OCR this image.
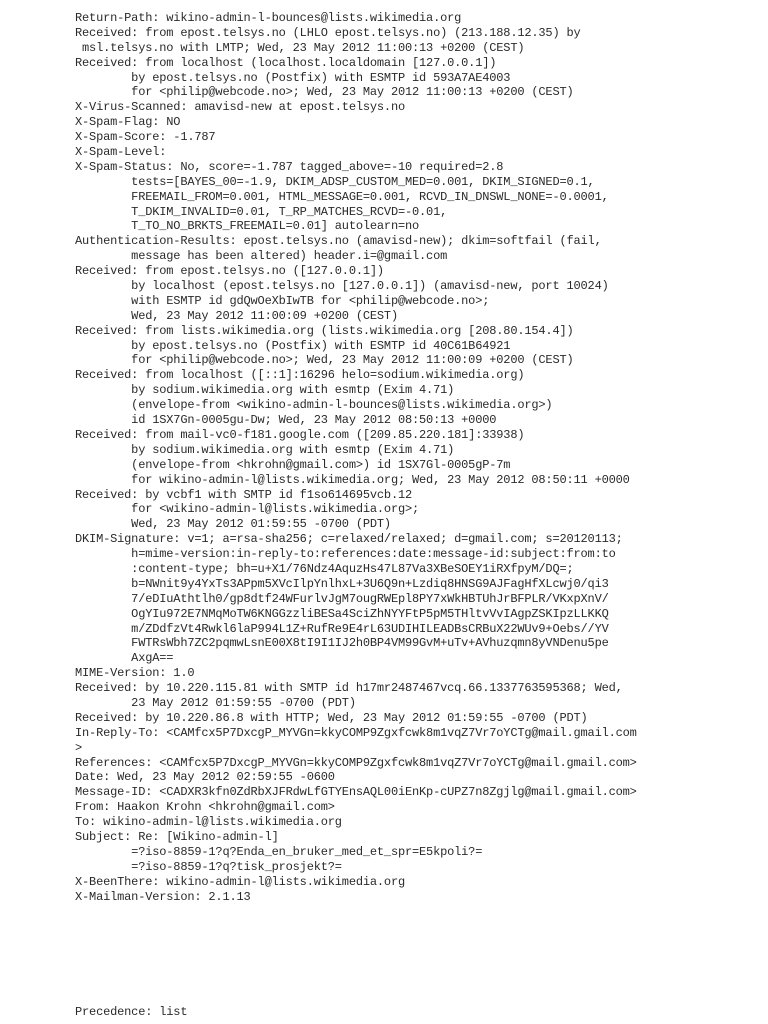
Return-Path: wikino-admin-l-bounces@lists.wikimedia.org
Received: from epost.telsys.no (LHLO epost.telsys.no) (213.188.12.35) by
msl.telsys.no with LMTP; Wed, 23 May 2012 11:00:13 +0200 (CEST)
Received: from localhost (localhost.localdomain [127.0.0.1])
by epost.telsys.no (Postfix) with ESMTP id 593A7AE4003
for <philip@webcode.no>; Wed, 23 May 2012 11:00:13 +0200 (CEST)
X-Virus-Scanned: amavisd-new at epost.telsys.no
X-Spam-Flag: NO
X-Spam-Score: -1.787
X-Spam-Level:
X-Spam-Status: No, score=-1.787 tagged_above=-10 required=2.8
tests=[BAYES_00=-1.9, DKIM_ADSP_CUSTOM_MED=0.001, DKIM_SIGNED=0.1,
FREEMAIL_FROM=0.001, HTML_MESSAGE=0.001, RCVD_IN_DNSWL_NONE=-0.0001,
T_DKIM_INVALID=0.01, T_RP_MATCHES_RCVD=-0.01,
T_TO_NO_BRKTS_FREEMAIL=0.01] autolearn=no
Authentication-Results: epost.telsys.no (amavisd-new); dkim=softfail (fail,
message has been altered) header.i=@gmail.com
Received: from epost.telsys.no ([127.0.0.1])
by localhost (epost.telsys.no [127.0.0.1]) (amavisd-new, port 10024)
with ESMTP id gdQwOeXbIwTB for <philip@webcode.no>;
Wed, 23 May 2012 11:00:09 +0200 (CEST)
Received: from lists.wikimedia.org (lists.wikimedia.org [208.80.154.4])
by epost.telsys.no (Postfix) with ESMTP id 40C61B64921
for <philip@webcode.no>; Wed, 23 May 2012 11:00:09 +0200 (CEST)
Received: from localhost ([::1]:16296 helo=sodium.wikimedia.org)
by sodium.wikimedia.org with esmtp (Exim 4.71)
(envelope-from <wikino-admin-l-bounces@lists.wikimedia.org>)
id 1SX7Gn-0005gu-Dw; Wed, 23 May 2012 08:50:13 +0000
Received: from mail-vc0-f181.google.com ([209.85.220.181]:33938)
by sodium.wikimedia.org with esmtp (Exim 4.71)
(envelope-from <hkrohn@gmail.com>) id 1SX7Gl-0005gP-7m
for wikino-admin-l@lists.wikimedia.org; Wed, 23 May 2012 08:50:11 +0000
Received: by vcbf1 with SMTP id f1so614695vcb.12
for <wikino-admin-l@lists.wikimedia.org>;
Wed, 23 May 2012 01:59:55 -0700 (PDT)
DKIM-Signature: v=1; a=rsa-sha256; c=relaxed/relaxed; d=gmail.com; s=20120113;
h=mime-version:in-reply-to:references:date:message-id:subject:from:to
:content-type; bh=u+X1/76Ndz4AquzHs47L87Va3XBeSOEY1iRXfpyM/DQ=;
b=NWnit9y4YxTs3APpm5XVcIlpYnlhxL+3U6Q9n+Lzdiq8HNSG9AJFagHfXLcwj0/qi3
7/eDIuAthtlh0/gp8dtf24WFurlvJgM7ougRWEpl8PY7xWkHBTUhJrBFPLR/VKxpXnV/
OgYIu972E7NMqMoTW6KNGGzzliBESa4SciZhNYYFtP5pM5THltvVvIAgpZSKIpzLLKKQ
m/ZDdfzVt4Rwkl6laP994L1Z+RufRe9E4rL63UDIHILEADBsCRBuX22WUv9+Oebs//YV
FWTRsWbh7ZC2pqmwLsnE00X8tI9I1IJ2h0BP4VM99GvM+uTv+AVhuzqmn8yVNDenu5pe
AxgA==
MIME-Version: 1.0
Received: by 10.220.115.81 with SMTP id h17mr2487467vcq.66.1337763595368; Wed,
23 May 2012 01:59:55 -0700 (PDT)
Received: by 10.220.86.8 with HTTP; Wed, 23 May 2012 01:59:55 -0700 (PDT)
In-Reply-To: <CAMfcx5P7DxcgP_MYVGn=kkyCOMP9Zgxfcwk8m1vqZ7Vr7oYCTg@mail.gmail.com
>
References: <CAMfcx5P7DxcgP_MYVGn=kkyCOMP9Zgxfcwk8m1vqZ7Vr7oYCTg@mail.gmail.com>
Date: Wed, 23 May 2012 02:59:55 -0600
Message-ID: <CADXR3kfn0ZdRbXJFRdwLfGTYEnsAQL00iEnKp-cUPZ7n8Zgjlg@mail.gmail.com>
From: Haakon Krohn <hkrohn@gmail.com>
To: wikino-admin-l@lists.wikimedia.org
Subject: Re: [Wikino-admin-l]
=?iso-8859-1?q?Enda_en_bruker_med_et_spr=E5kpoli?=
=?iso-8859-1?q?tisk_prosjekt?=
X-BeenThere: wikino-admin-l@lists.wikimedia.org
X-Mailman-Version: 2.1.13
Precedence: list
